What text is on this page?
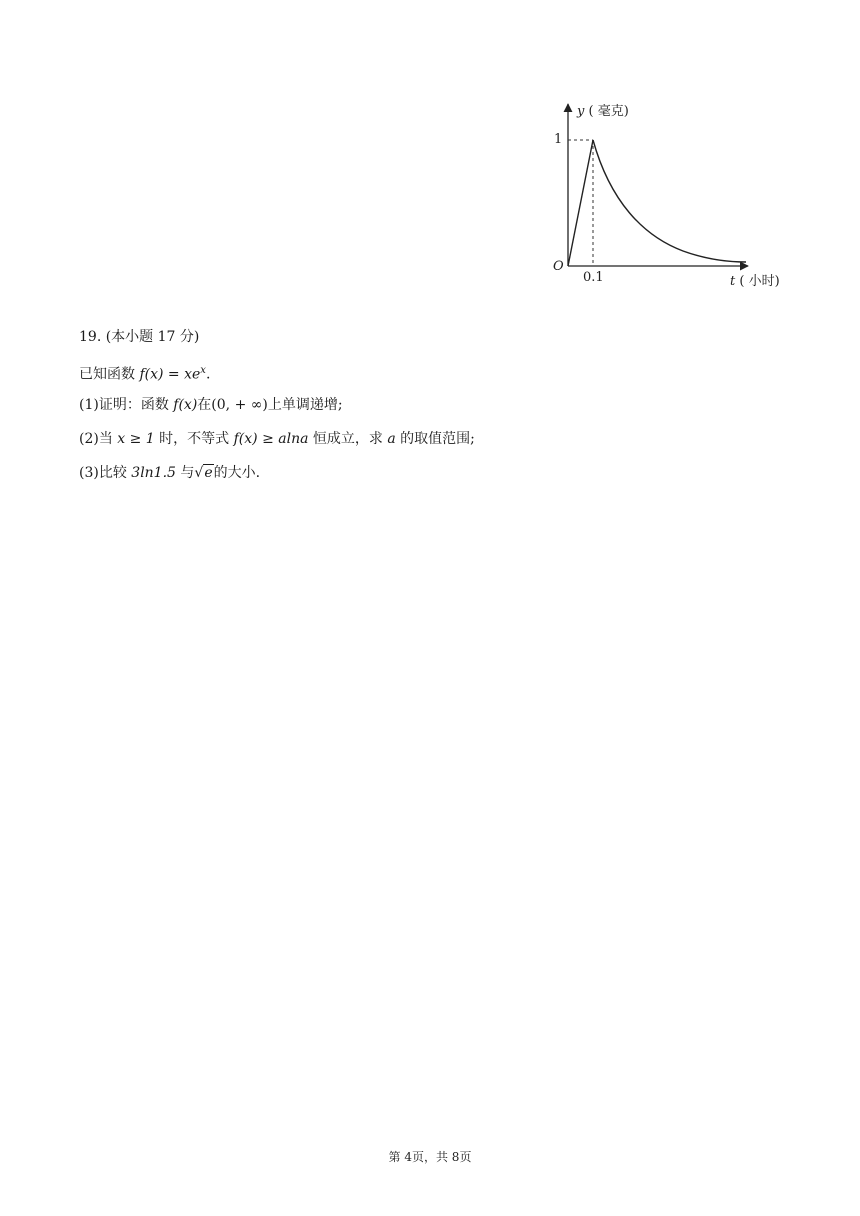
y ( 毫克)
1
O
0.1	t ( 小时)
19. (本小题 17 分)
已知函数 $f(x) = xe^x$.
(1)证明：函数 f(x)在(0, + ∞)上单调递增;
(2)当 x ≥ 1 时，不等式 f(x) ≥ alna 恒成立，求 a 的取值范围;
(3)比较 3ln1.5 与√e的大小.
第 4页，共 8页
